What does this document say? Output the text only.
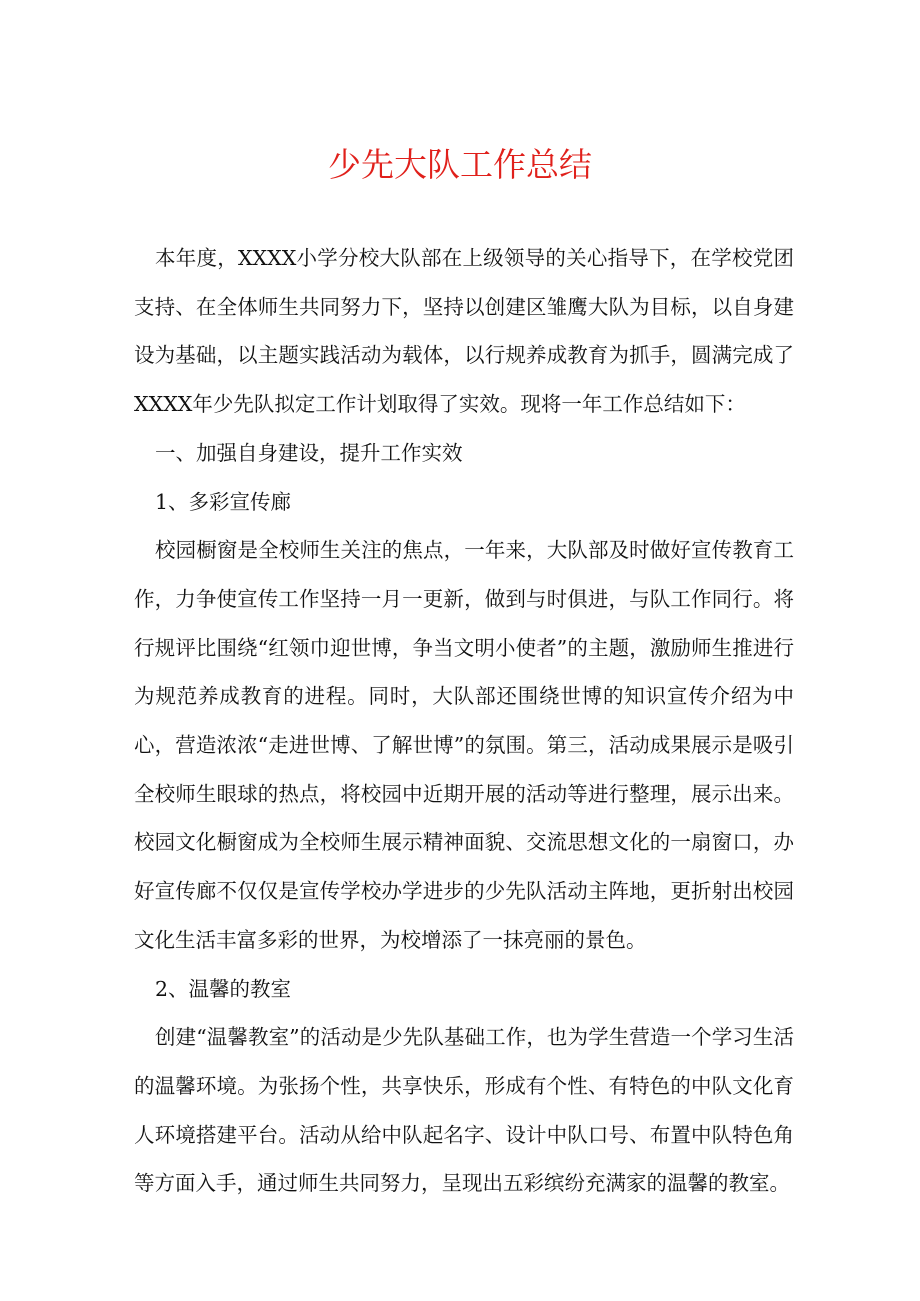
少先大队工作总结

本年度，XXXX小学分校大队部在上级领导的关心指导下，在学校党团支持、在全体师生共同努力下，坚持以创建区雏鹰大队为目标，以自身建设为基础，以主题实践活动为载体，以行规养成教育为抓手，圆满完成了XXXX年少先队拟定工作计划取得了实效。现将一年工作总结如下：

一、加强自身建设，提升工作实效

1、多彩宣传廊

校园橱窗是全校师生关注的焦点，一年来，大队部及时做好宣传教育工作，力争使宣传工作坚持一月一更新，做到与时俱进，与队工作同行。将行规评比围绕“红领巾迎世博，争当文明小使者”的主题，激励师生推进行为规范养成教育的进程。同时，大队部还围绕世博的知识宣传介绍为中心，营造浓浓“走进世博、了解世博”的氛围。第三，活动成果展示是吸引全校师生眼球的热点，将校园中近期开展的活动等进行整理，展示出来。校园文化橱窗成为全校师生展示精神面貌、交流思想文化的一扇窗口，办好宣传廊不仅仅是宣传学校办学进步的少先队活动主阵地，更折射出校园文化生活丰富多彩的世界，为校增添了一抹亮丽的景色。

2、温馨的教室

创建“温馨教室”的活动是少先队基础工作，也为学生营造一个学习生活的温馨环境。为张扬个性，共享快乐，形成有个性、有特色的中队文化育人环境搭建平台。活动从给中队起名字、设计中队口号、布置中队特色角等方面入手，通过师生共同努力，呈现出五彩缤纷充满家的温馨的教室。
